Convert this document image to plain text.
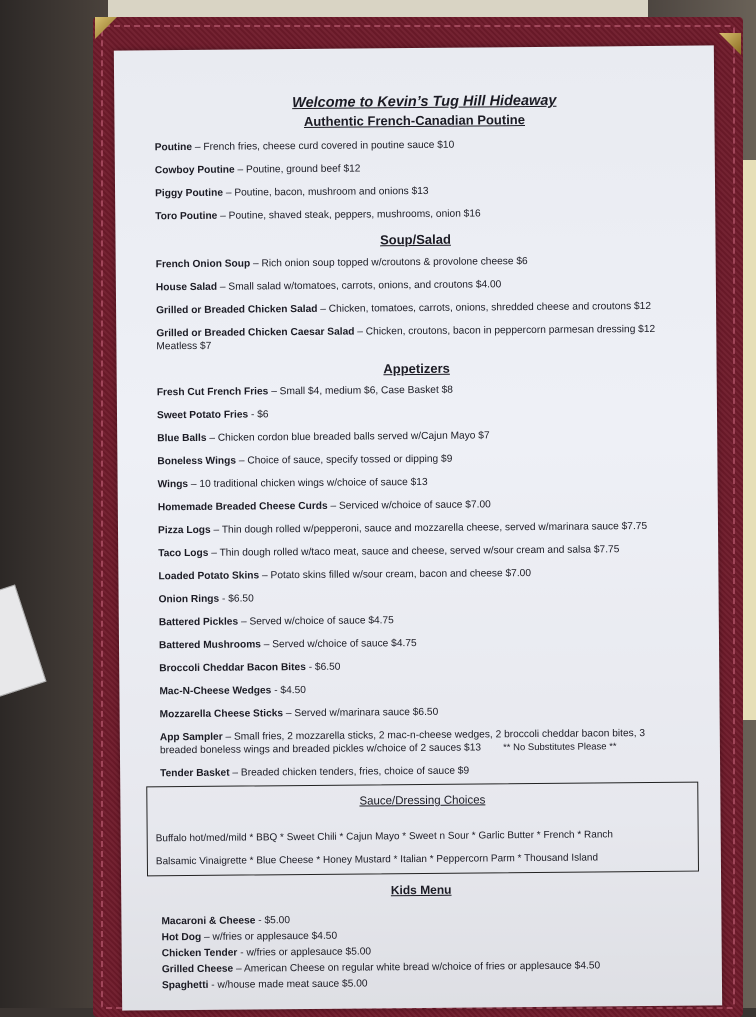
Welcome to Kevin’s Tug Hill Hideaway

Authentic French-Canadian Poutine

Poutine – French fries, cheese curd covered in poutine sauce $10

Cowboy Poutine – Poutine, ground beef $12

Piggy Poutine – Poutine, bacon, mushroom and onions $13

Toro Poutine – Poutine, shaved steak, peppers, mushrooms, onion $16

Soup/Salad

French Onion Soup – Rich onion soup topped w/croutons & provolone cheese $6

House Salad – Small salad w/tomatoes, carrots, onions, and croutons $4.00

Grilled or Breaded Chicken Salad – Chicken, tomatoes, carrots, onions, shredded cheese and croutons $12

Grilled or Breaded Chicken Caesar Salad – Chicken, croutons, bacon in peppercorn parmesan dressing $12

Meatless $7

Appetizers

Fresh Cut French Fries – Small $4, medium $6, Case Basket $8

Sweet Potato Fries - $6

Blue Balls – Chicken cordon blue breaded balls served w/Cajun Mayo $7

Boneless Wings – Choice of sauce, specify tossed or dipping $9

Wings – 10 traditional chicken wings w/choice of sauce $13

Homemade Breaded Cheese Curds – Serviced w/choice of sauce $7.00

Pizza Logs – Thin dough rolled w/pepperoni, sauce and mozzarella cheese, served w/marinara sauce $7.75

Taco Logs – Thin dough rolled w/taco meat, sauce and cheese, served w/sour cream and salsa $7.75

Loaded Potato Skins – Potato skins filled w/sour cream, bacon and cheese $7.00

Onion Rings - $6.50

Battered Pickles – Served w/choice of sauce $4.75

Battered Mushrooms – Served w/choice of sauce $4.75

Broccoli Cheddar Bacon Bites - $6.50

Mac-N-Cheese Wedges - $4.50

Mozzarella Cheese Sticks – Served w/marinara sauce $6.50

App Sampler – Small fries, 2 mozzarella sticks, 2 mac-n-cheese wedges, 2 broccoli cheddar bacon bites, 3

breaded boneless wings and breaded pickles w/choice of 2 sauces $13 ** No Substitutes Please **

Tender Basket – Breaded chicken tenders, fries, choice of sauce $9

Sauce/Dressing Choices

Buffalo hot/med/mild * BBQ * Sweet Chili * Cajun Mayo * Sweet n Sour * Garlic Butter * French * Ranch

Balsamic Vinaigrette * Blue Cheese * Honey Mustard * Italian * Peppercorn Parm * Thousand Island

Kids Menu

Macaroni & Cheese - $5.00

Hot Dog – w/fries or applesauce $4.50

Chicken Tender - w/fries or applesauce $5.00

Grilled Cheese – American Cheese on regular white bread w/choice of fries or applesauce $4.50

Spaghetti - w/house made meat sauce $5.00
